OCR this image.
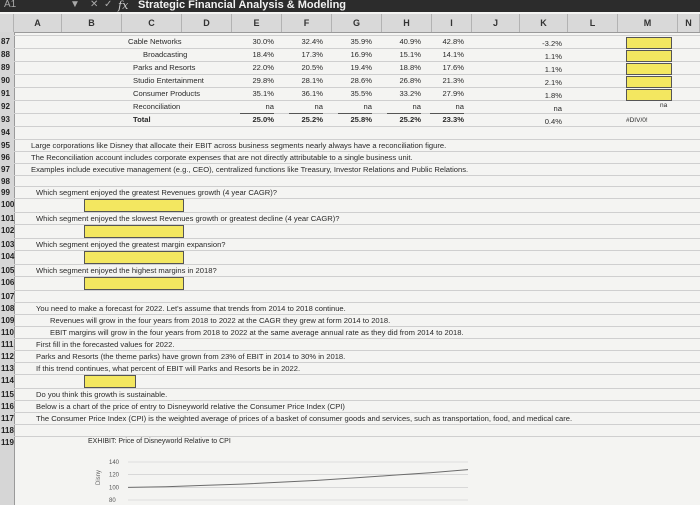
A1	▼ ✕ ✓ fx Strategic Financial Analysis & Modeling
A	B	C	D	E	F	G	H	I	J	K	L	M	N
87
88
89
90
91
92
93
94
95
96
97
98
99
100
101
102
103
104
105
106
107
108
109
110
111
112
113
114
115
116
117
118
119
Cable Networks	30.0%	32.4%	35.9%	40.9%	42.8%	-3.2%
Broadcasting	18.4%	17.3%	16.9%	15.1%	14.1%	1.1%
Parks and Resorts	22.0%	20.5%	19.4%	18.8%	17.6%	1.1%
Studio Entertainment	29.8%	28.1%	28.6%	26.8%	21.3%	2.1%
Consumer Products	35.1%	36.1%	35.5%	33.2%	27.9%	1.8%
Reconciliation	na	na	na	na	na	na
Total	25.0%	25.2%	25.8%	25.2%	23.3%	0.4%
na
#DIV/0!
Large corporations like Disney that allocate their EBIT across business segments nearly always have a reconciliation figure.
The Reconciliation account includes corporate expenses that are not directly attributable to a single business unit.
Examples include executive management (e.g., CEO), centralized functions like Treasury, Investor Relations and Public Relations.
Which segment enjoyed the greatest Revenues growth (4 year CAGR)?
Which segment enjoyed the slowest Revenues growth or greatest decline (4 year CAGR)?
Which segment enjoyed the greatest margin expansion?
Which segment enjoyed the highest margins in 2018?
You need to make a forecast for 2022. Let's assume that trends from 2014 to 2018 continue.
Revenues will grow in the four years from 2018 to 2022 at the CAGR they grew at form 2014 to 2018.
EBIT margins will grow in the four years from 2018 to 2022 at the same average annual rate as they did from 2014 to 2018.
First fill in the forecasted values for 2022.
Parks and Resorts (the theme parks) have grown from 23% of EBIT in 2014 to 30% in 2018.
If this trend continues, what percent of EBIT will Parks and Resorts be in 2022.
Do you think this growth is sustainable.
Below is a chart of the price of entry to Disneyworld relative the Consumer Price Index (CPI)
The Consumer Price Index (CPI) is the weighted average of prices of a basket of consumer goods and services, such as transportation, food, and medical care.
EXHIBIT: Price of Disneyworld Relative to CPI
Disny
140
120
100
80
